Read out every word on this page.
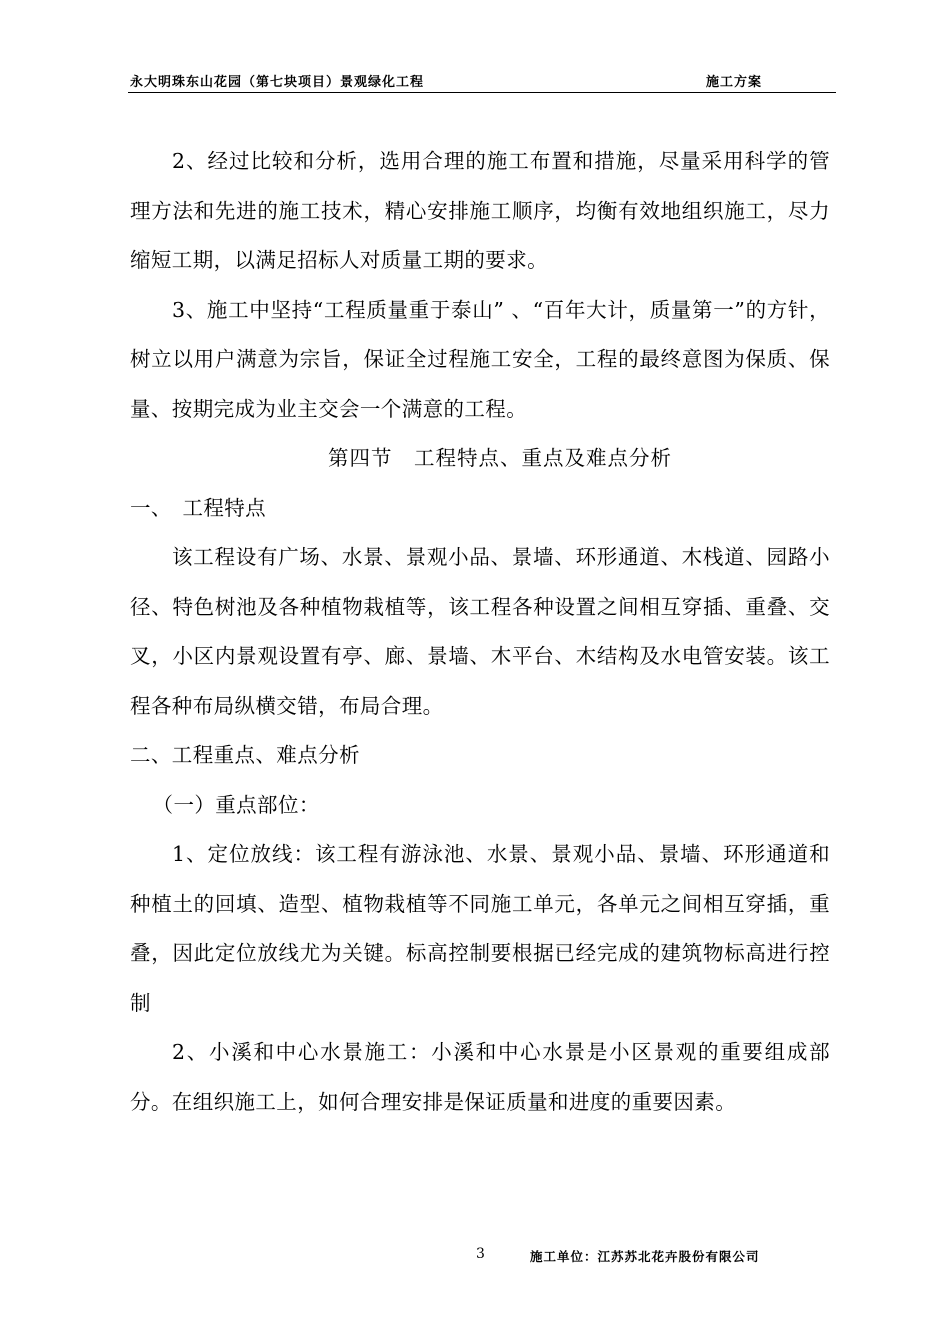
永大明珠东山花园（第七块项目）景观绿化工程	施工方案

2、经过比较和分析，选用合理的施工布置和措施，尽量采用科学的管理方法和先进的施工技术，精心安排施工顺序，均衡有效地组织施工，尽力缩短工期，以满足招标人对质量工期的要求。

3、施工中坚持“工程质量重于泰山” 、“百年大计，质量第一”的方针，树立以用户满意为宗旨，保证全过程施工安全，工程的最终意图为保质、保量、按期完成为业主交会一个满意的工程。

第四节　工程特点、重点及难点分析

一、　工程特点

该工程设有广场、水景、景观小品、景墙、环形通道、木栈道、园路小径、特色树池及各种植物栽植等，该工程各种设置之间相互穿插、重叠、交叉，小区内景观设置有亭、廊、景墙、木平台、木结构及水电管安装。该工程各种布局纵横交错，布局合理。

二、工程重点、难点分析

（一）重点部位：

1、定位放线：该工程有游泳池、水景、景观小品、景墙、环形通道和种植土的回填、造型、植物栽植等不同施工单元，各单元之间相互穿插，重叠，因此定位放线尤为关键。标高控制要根据已经完成的建筑物标高进行控制

2、小溪和中心水景施工：小溪和中心水景是小区景观的重要组成部分。在组织施工上，如何合理安排是保证质量和进度的重要因素。

3	施工单位：江苏苏北花卉股份有限公司
